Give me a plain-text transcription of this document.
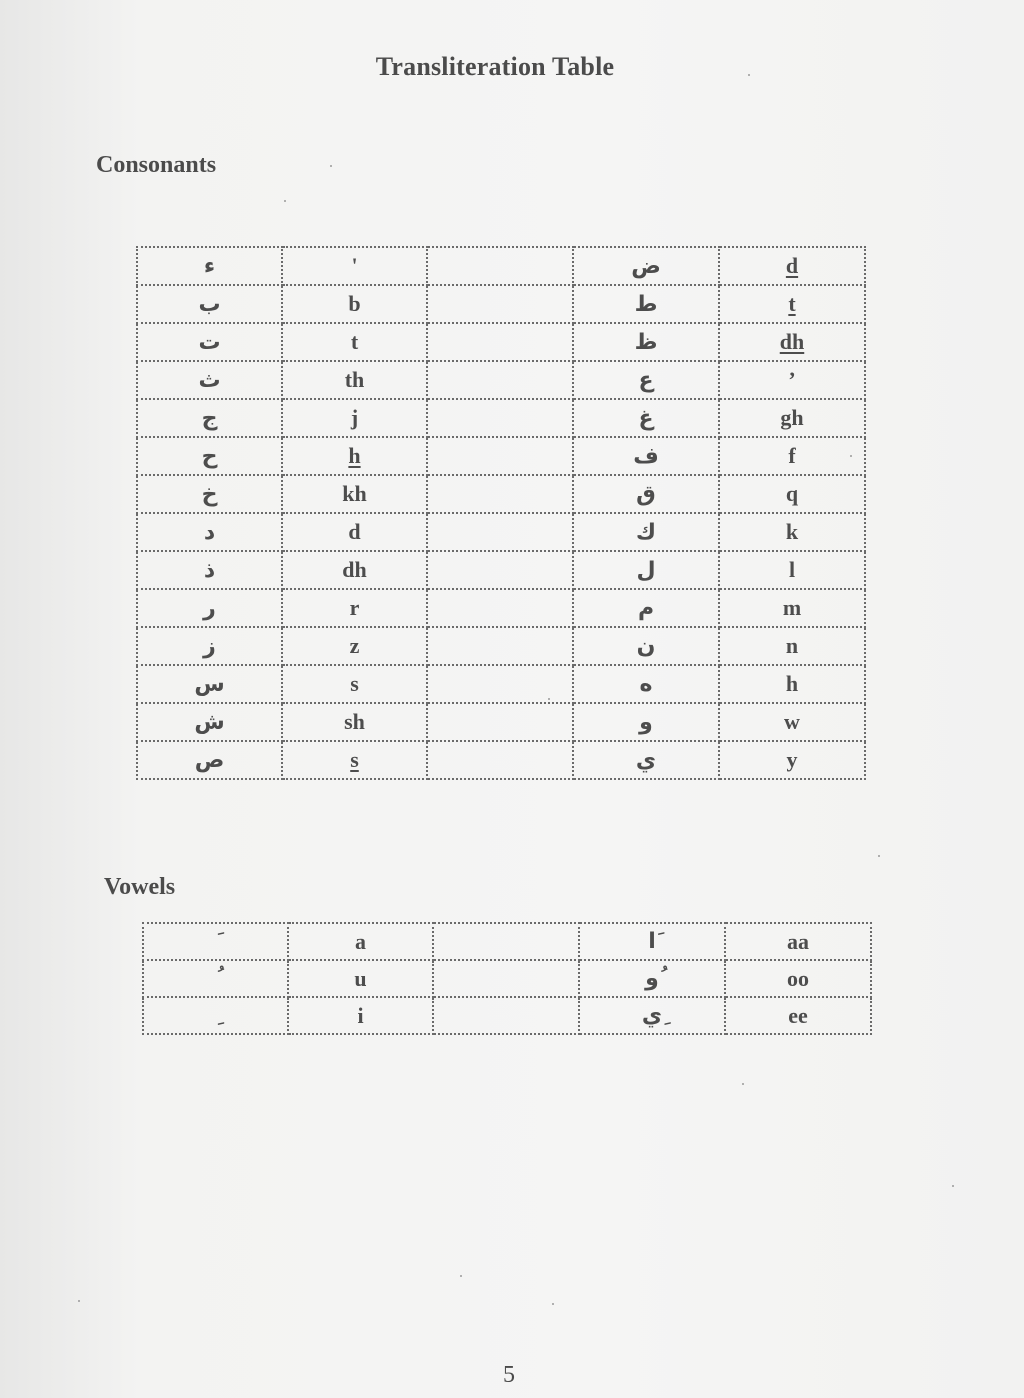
Transliteration Table
Consonants
ء	'		ض	d
ب	b		ط	t
ت	t		ظ	dh
ث	th		ع	’
ج	j		غ	gh
ح	h		ف	f
خ	kh		ق	q
د	d		ك	k
ذ	dh		ل	l
ر	r		م	m
ز	z		ن	n
س	s		ه	h
ش	sh		و	w
ص	s		ي	y
Vowels
	a		َا	aa
	u		ُو	oo
	i		ِي	ee
5
